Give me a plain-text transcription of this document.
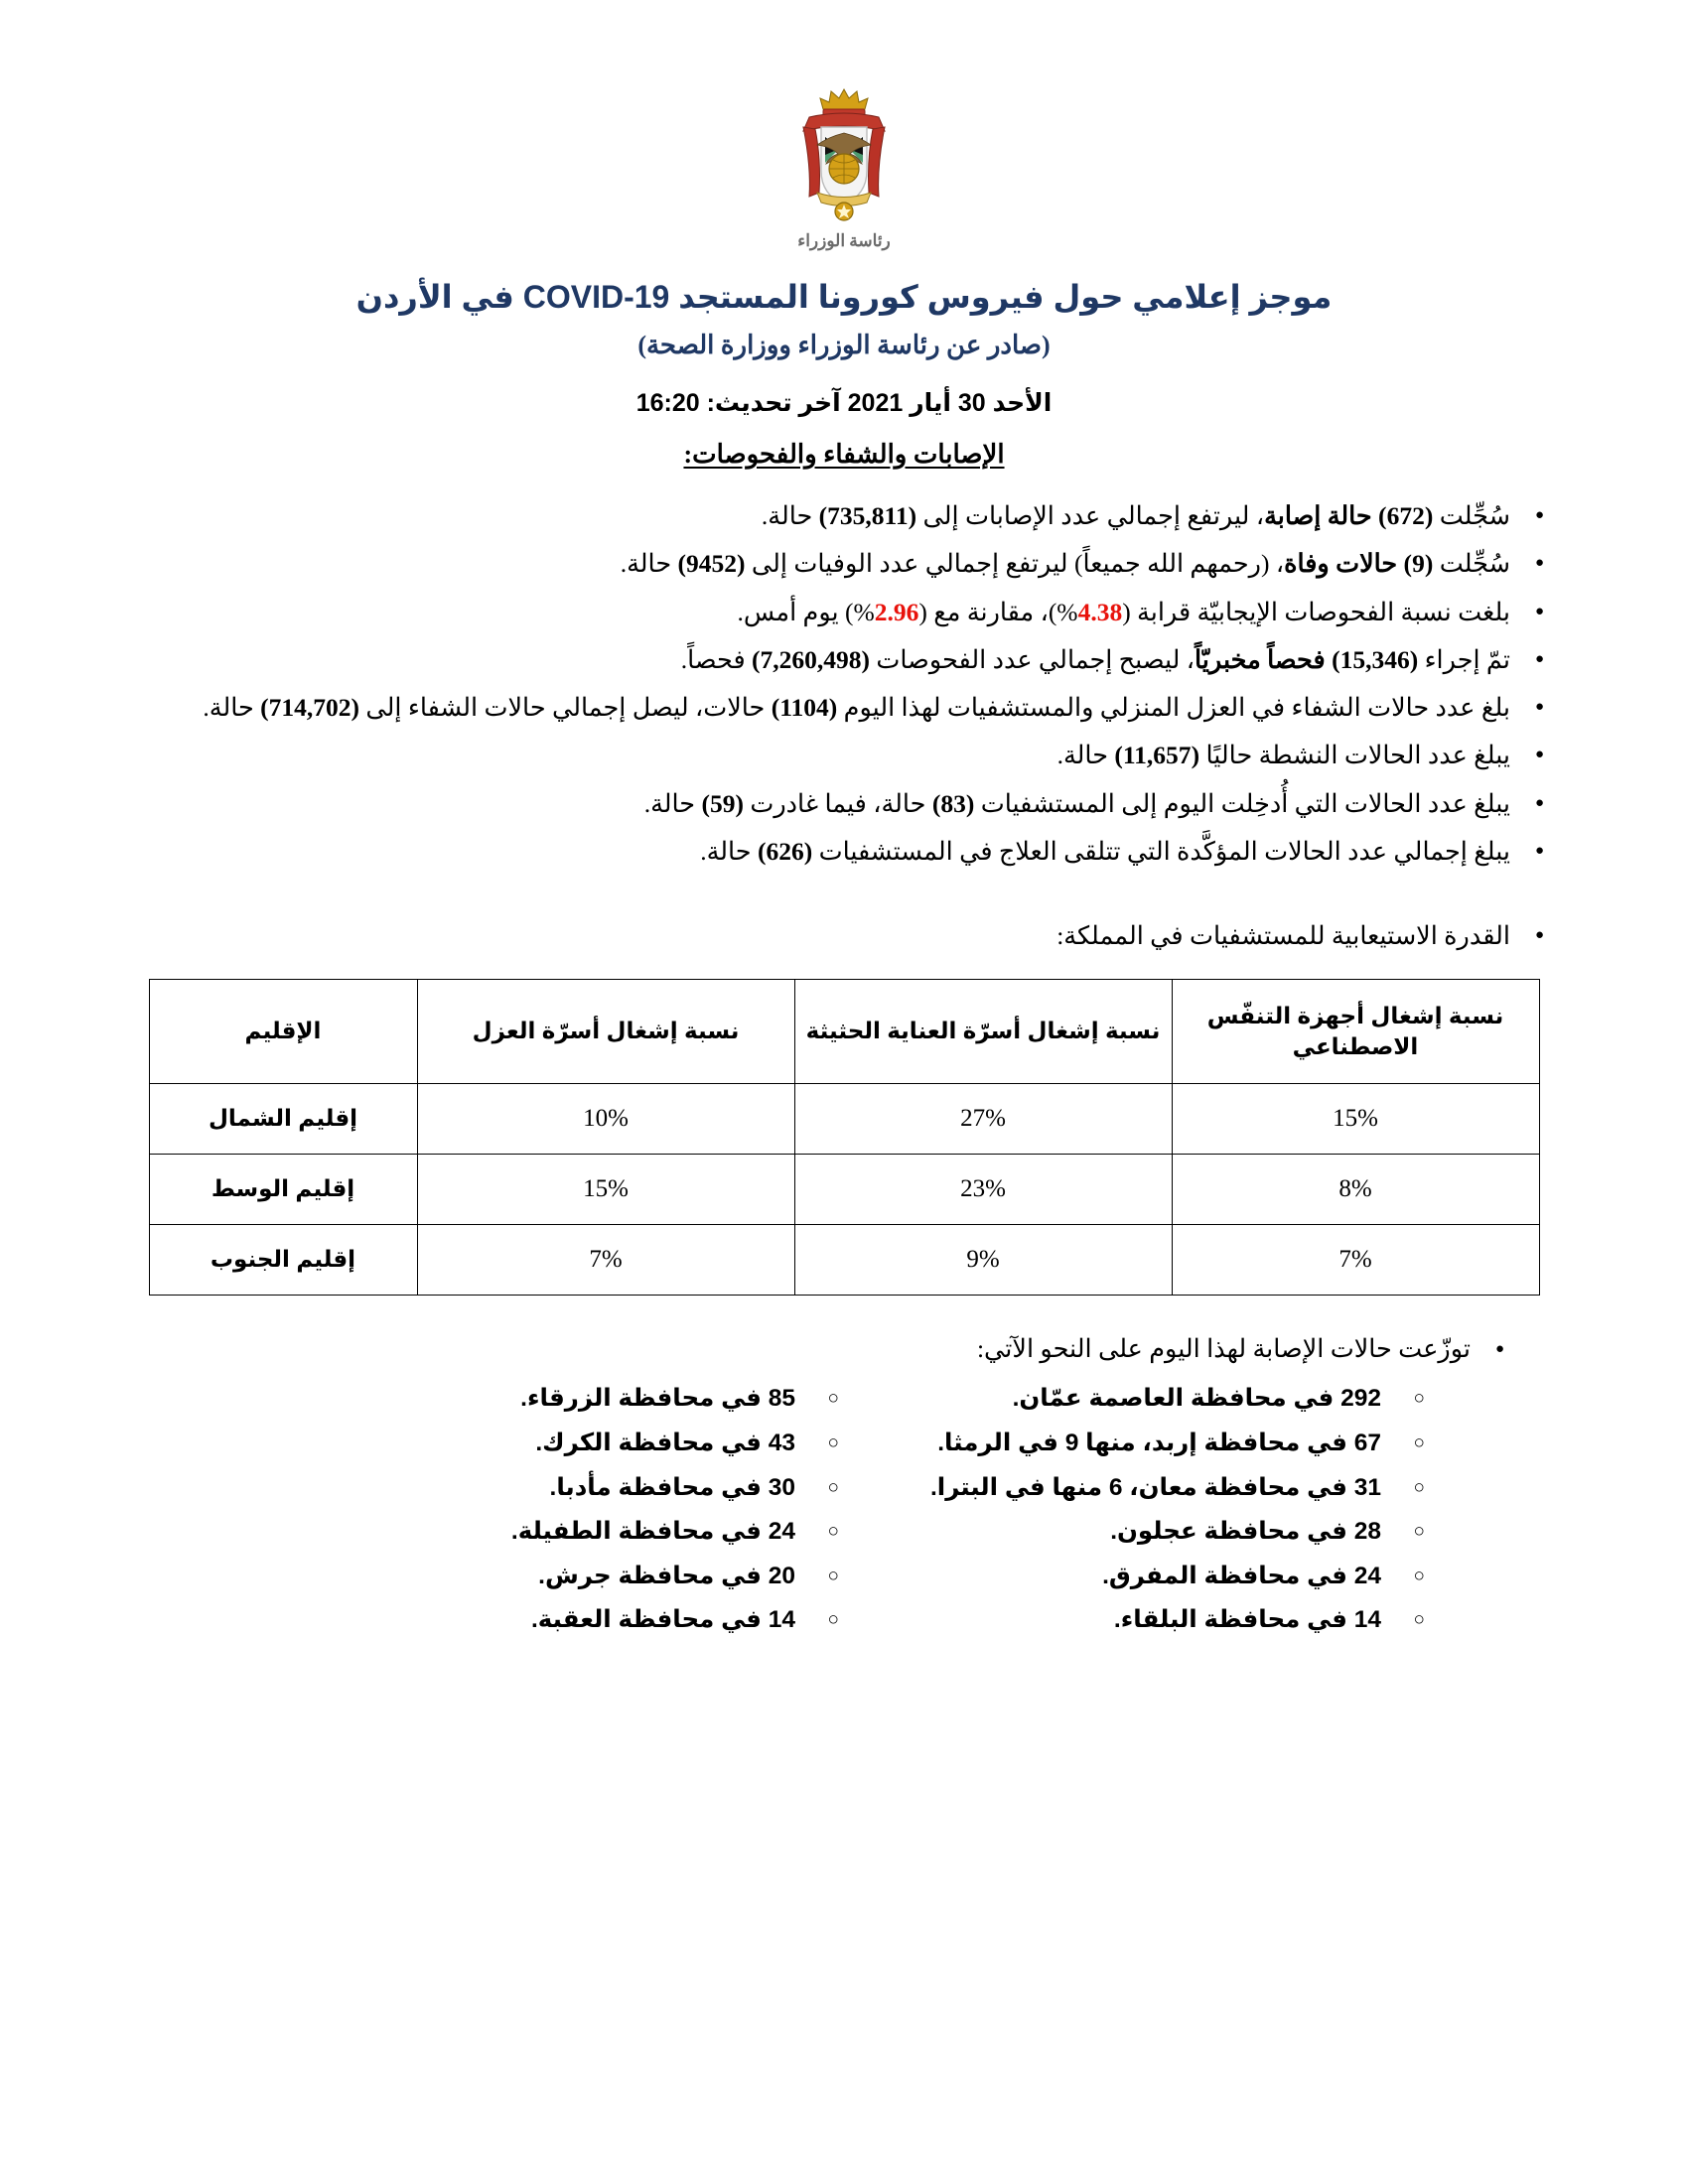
رئاسة الوزراء
موجز إعلامي حول فيروس كورونا المستجد COVID-19 في الأردن
(صادر عن رئاسة الوزراء ووزارة الصحة)
الأحد 30 أيار 2021 آخر تحديث: 16:20
الإصابات والشفاء والفحوصات:
● سُجِّلت (672) حالة إصابة، ليرتفع إجمالي عدد الإصابات إلى (735,811) حالة.
● سُجِّلت (9) حالات وفاة، (رحمهم الله جميعاً) ليرتفع إجمالي عدد الوفيات إلى (9452) حالة.
● بلغت نسبة الفحوصات الإيجابيّة قرابة (4.38%)، مقارنة مع (2.96%) يوم أمس.
● تمّ إجراء (15,346) فحصاً مخبريّاً، ليصبح إجمالي عدد الفحوصات (7,260,498) فحصاً.
● بلغ عدد حالات الشفاء في العزل المنزلي والمستشفيات لهذا اليوم (1104) حالات، ليصل إجمالي حالات الشفاء إلى (714,702) حالة.
● يبلغ عدد الحالات النشطة حاليًا (11,657) حالة.
● يبلغ عدد الحالات التي أُدخِلت اليوم إلى المستشفيات (83) حالة، فيما غادرت (59) حالة.
● يبلغ إجمالي عدد الحالات المؤكَّدة التي تتلقى العلاج في المستشفيات (626) حالة.
● القدرة الاستيعابية للمستشفيات في المملكة:
نسبة إشغال أجهزة التنفّس الاصطناعي	نسبة إشغال أسرّة العناية الحثيثة	نسبة إشغال أسرّة العزل	الإقليم
15%	27%	10%	إقليم الشمال
8%	23%	15%	إقليم الوسط
7%	9%	7%	إقليم الجنوب
● توزّعت حالات الإصابة لهذا اليوم على النحو الآتي:
○ 292 في محافظة العاصمة عمّان.
○ 67 في محافظة إربد، منها 9 في الرمثا.
○ 31 في محافظة معان، 6 منها في البترا.
○ 28 في محافظة عجلون.
○ 24 في محافظة المفرق.
○ 14 في محافظة البلقاء.
○ 85 في محافظة الزرقاء.
○ 43 في محافظة الكرك.
○ 30 في محافظة مأدبا.
○ 24 في محافظة الطفيلة.
○ 20 في محافظة جرش.
○ 14 في محافظة العقبة.
